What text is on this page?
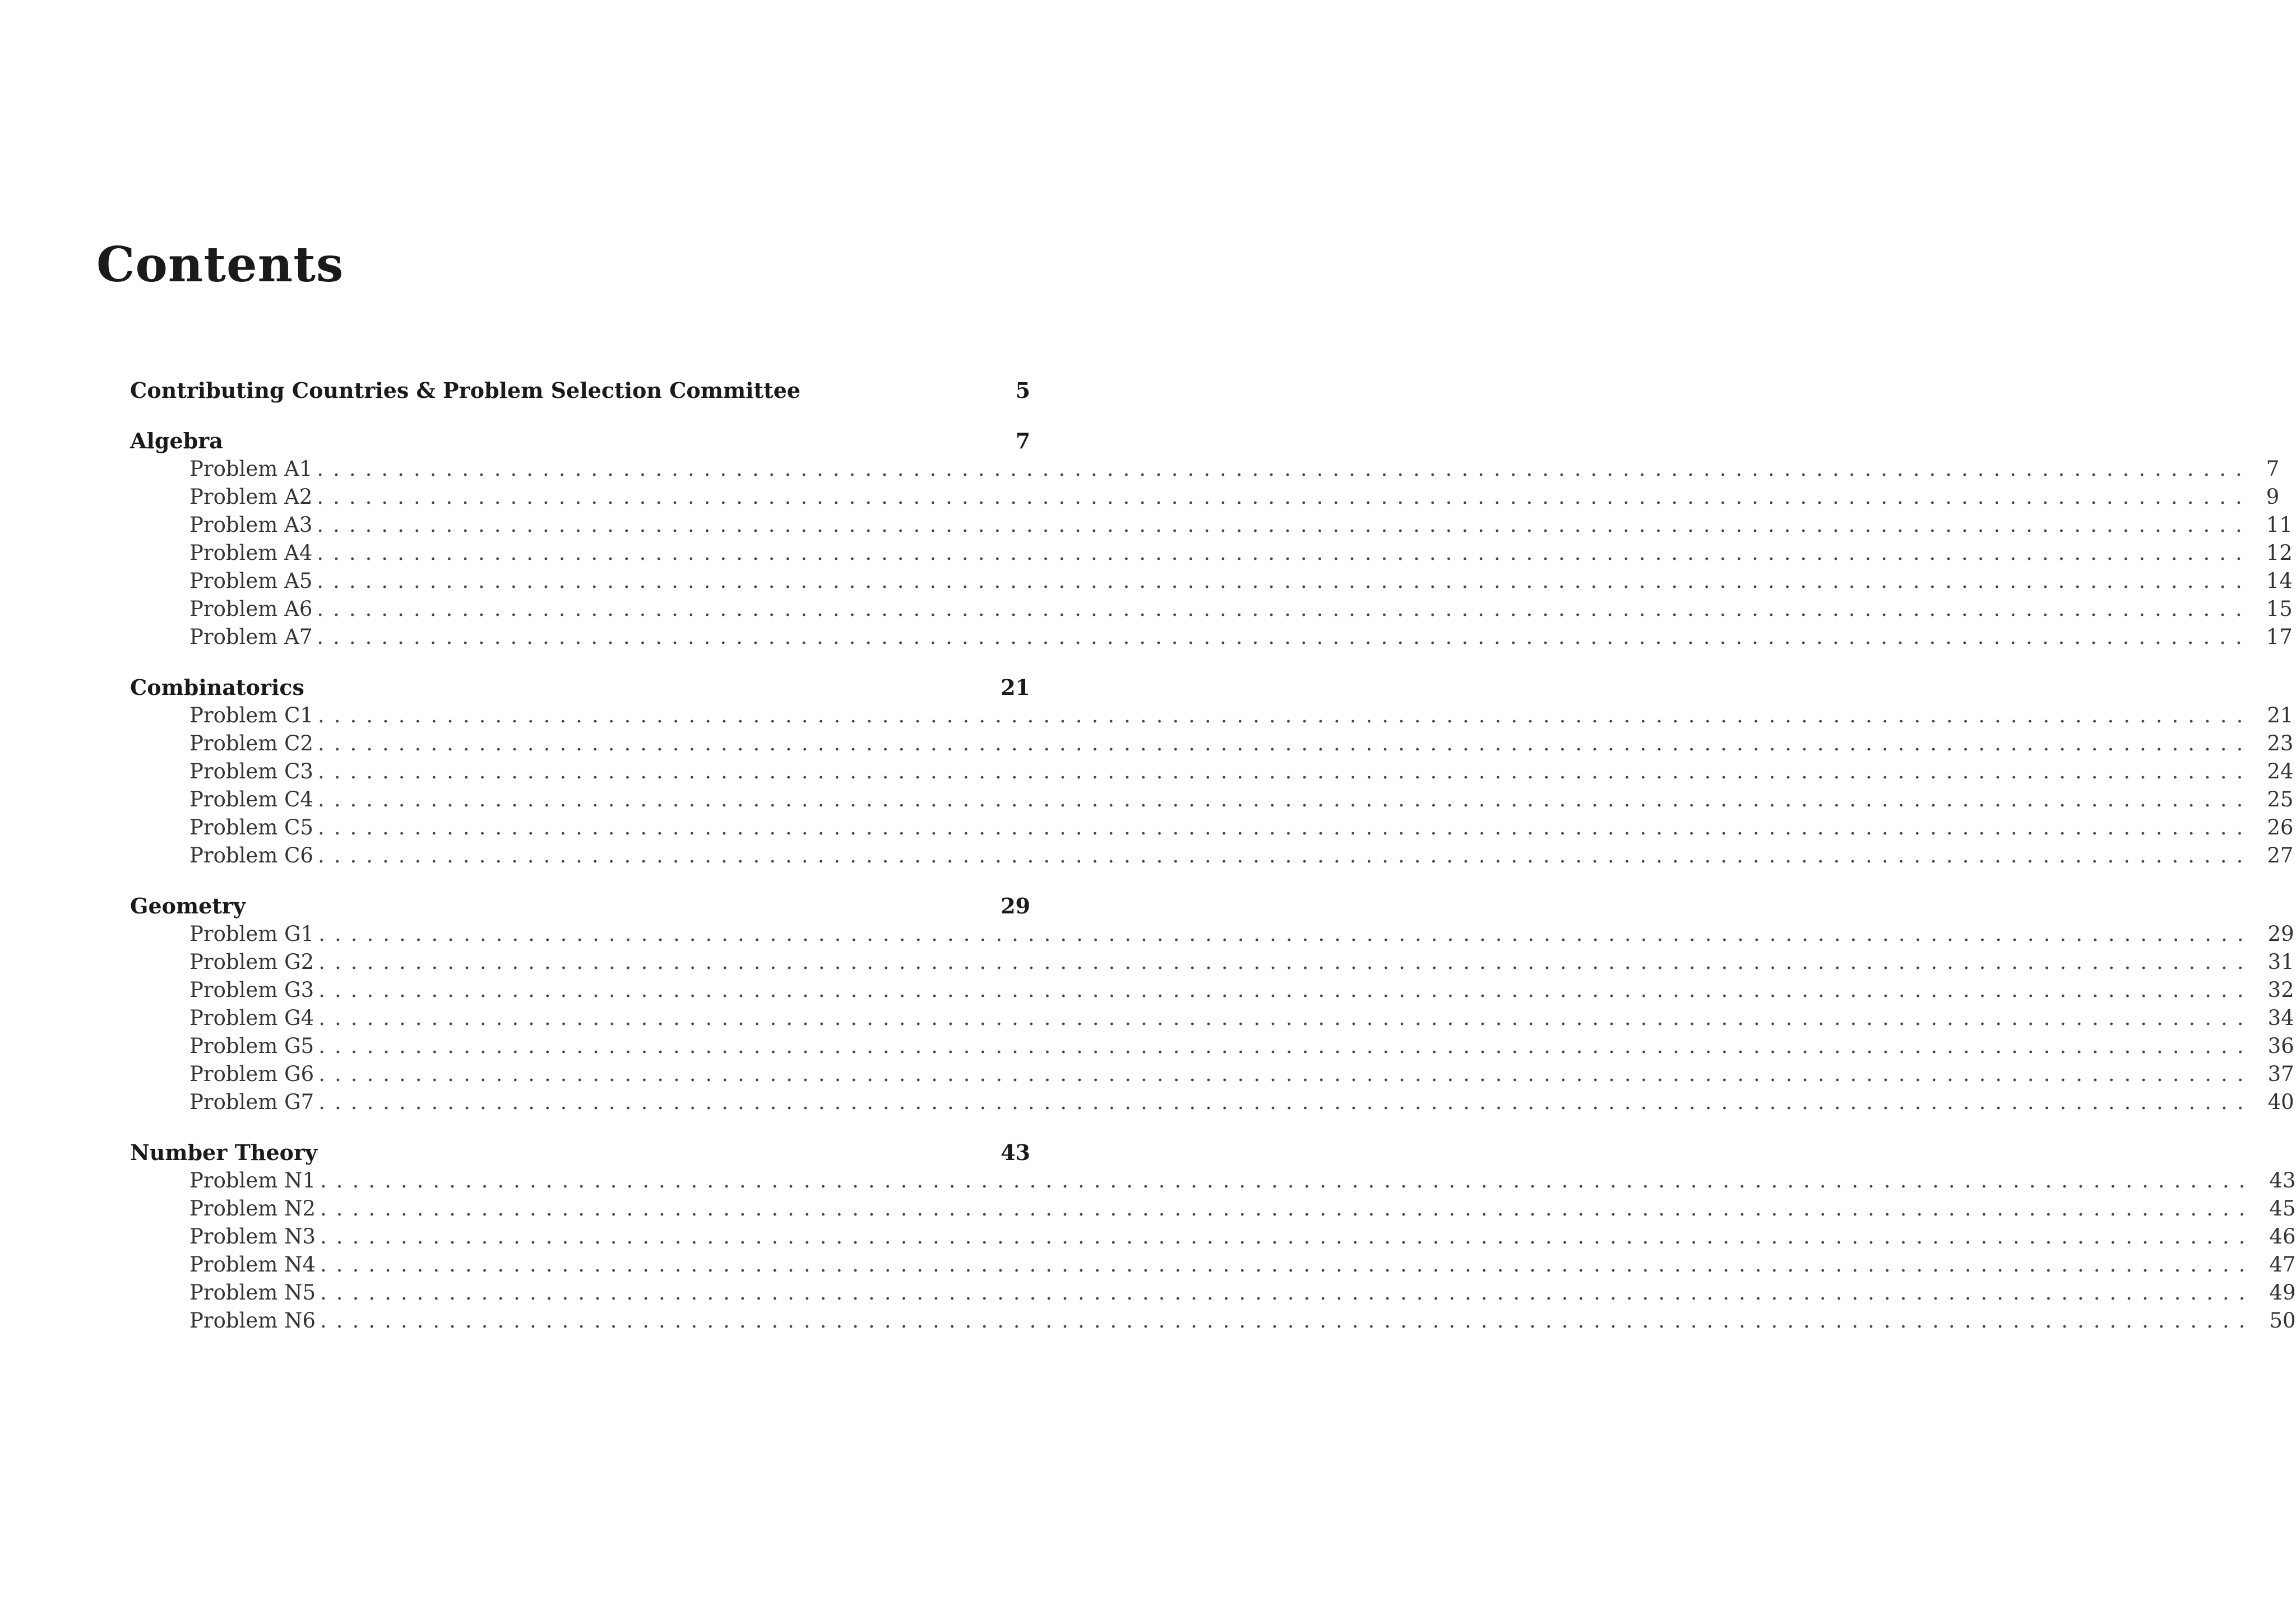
Contents
Contributing Countries & Problem Selection Committee	5
Algebra	7
Problem A1 ........................................................................................................................ 7
Problem A2 ........................................................................................................................ 9
Problem A3 ........................................................................................................................ 11
Problem A4 ........................................................................................................................ 12
Problem A5 ........................................................................................................................ 14
Problem A6 ........................................................................................................................ 15
Problem A7 ........................................................................................................................ 17
Combinatorics	21
Problem C1 ........................................................................................................................ 21
Problem C2 ........................................................................................................................ 23
Problem C3 ........................................................................................................................ 24
Problem C4 ........................................................................................................................ 25
Problem C5 ........................................................................................................................ 26
Problem C6 ........................................................................................................................ 27
Geometry	29
Problem G1 ........................................................................................................................ 29
Problem G2 ........................................................................................................................ 31
Problem G3 ........................................................................................................................ 32
Problem G4 ........................................................................................................................ 34
Problem G5 ........................................................................................................................ 36
Problem G6 ........................................................................................................................ 37
Problem G7 ........................................................................................................................ 40
Number Theory	43
Problem N1 ........................................................................................................................ 43
Problem N2 ........................................................................................................................ 45
Problem N3 ........................................................................................................................ 46
Problem N4 ........................................................................................................................ 47
Problem N5 ........................................................................................................................ 49
Problem N6 ........................................................................................................................ 50
